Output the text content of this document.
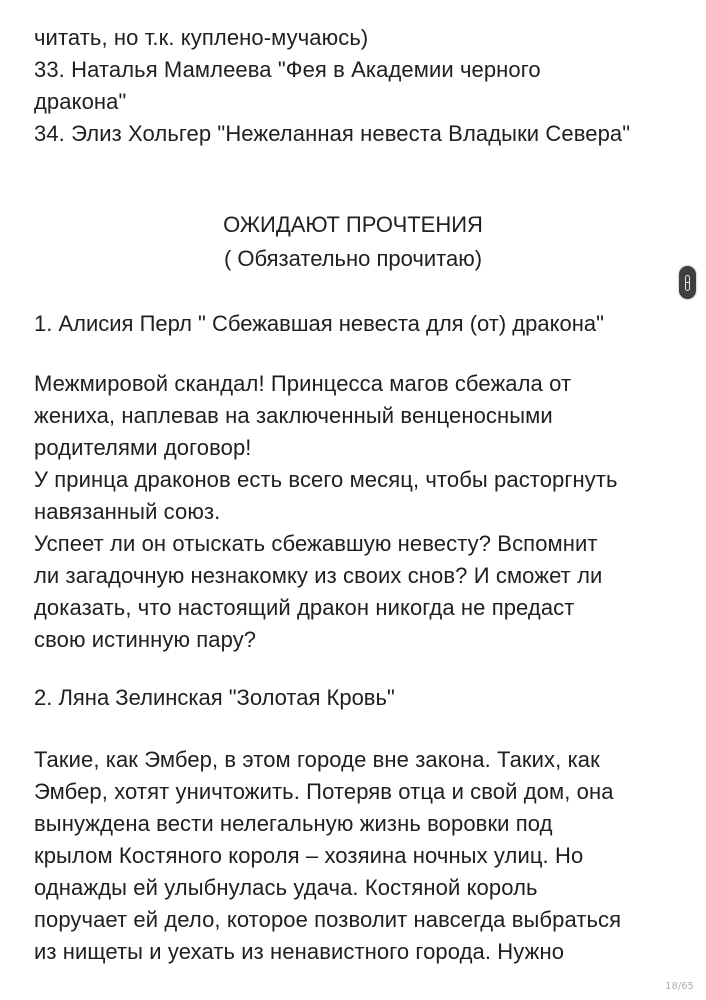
читать, но т.к. куплено-мучаюсь)

33. Наталья Мамлеева "Фея в Академии черного

дракона"

34. Элиз Хольгер "Нежеланная невеста Владыки Севера"

ОЖИДАЮТ ПРОЧТЕНИЯ

( Обязательно прочитаю)

1. Алисия Перл " Сбежавшая невеста для (от) дракона"

Межмировой скандал! Принцесса магов сбежала от

жениха, наплевав на заключенный венценосными

родителями договор!

У принца драконов есть всего месяц, чтобы расторгнуть

навязанный союз.

Успеет ли он отыскать сбежавшую невесту? Вспомнит

ли загадочную незнакомку из своих снов? И сможет ли

доказать, что настоящий дракон никогда не предаст

свою истинную пару?

2. Ляна Зелинская "Золотая Кровь"

Такие, как Эмбер, в этом городе вне закона. Таких, как

Эмбер, хотят уничтожить. Потеряв отца и свой дом, она

вынуждена вести нелегальную жизнь воровки под

крылом Костяного короля – хозяина ночных улиц. Но

однажды ей улыбнулась удача. Костяной король

поручает ей дело, которое позволит навсегда выбраться

из нищеты и уехать из ненавистного города. Нужно

18/65
